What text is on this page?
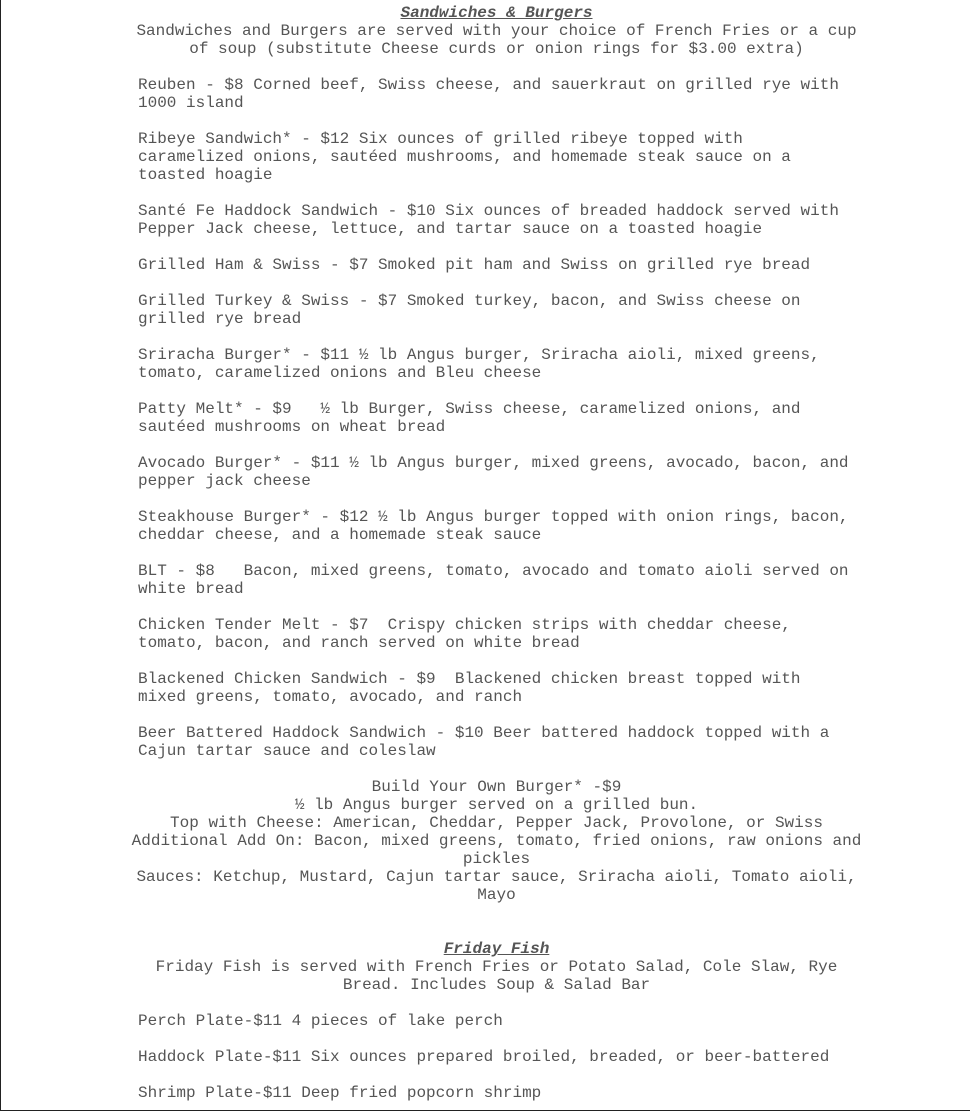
Sandwiches & Burgers
Sandwiches and Burgers are served with your choice of French Fries or a cup of soup (substitute Cheese curds or onion rings for $3.00 extra)
Reuben - $8 Corned beef, Swiss cheese, and sauerkraut on grilled rye with 1000 island
Ribeye Sandwich* - $12 Six ounces of grilled ribeye topped with caramelized onions, sautéed mushrooms, and homemade steak sauce on a toasted hoagie
Santé Fe Haddock Sandwich - $10 Six ounces of breaded haddock served with Pepper Jack cheese, lettuce, and tartar sauce on a toasted hoagie
Grilled Ham & Swiss - $7 Smoked pit ham and Swiss on grilled rye bread
Grilled Turkey & Swiss - $7 Smoked turkey, bacon, and Swiss cheese on grilled rye bread
Sriracha Burger* - $11 ½ lb Angus burger, Sriracha aioli, mixed greens, tomato, caramelized onions and Bleu cheese
Patty Melt* - $9   ½ lb Burger, Swiss cheese, caramelized onions, and sautéed mushrooms on wheat bread
Avocado Burger* - $11 ½ lb Angus burger, mixed greens, avocado, bacon, and pepper jack cheese
Steakhouse Burger* - $12 ½ lb Angus burger topped with onion rings, bacon, cheddar cheese, and a homemade steak sauce
BLT - $8   Bacon, mixed greens, tomato, avocado and tomato aioli served on white bread
Chicken Tender Melt - $7  Crispy chicken strips with cheddar cheese, tomato, bacon, and ranch served on white bread
Blackened Chicken Sandwich - $9  Blackened chicken breast topped with mixed greens, tomato, avocado, and ranch
Beer Battered Haddock Sandwich - $10 Beer battered haddock topped with a Cajun tartar sauce and coleslaw
Build Your Own Burger* -$9
½ lb Angus burger served on a grilled bun.
Top with Cheese: American, Cheddar, Pepper Jack, Provolone, or Swiss
Additional Add On: Bacon, mixed greens, tomato, fried onions, raw onions and pickles
Sauces: Ketchup, Mustard, Cajun tartar sauce, Sriracha aioli, Tomato aioli, Mayo
Friday Fish
Friday Fish is served with French Fries or Potato Salad, Cole Slaw, Rye Bread. Includes Soup & Salad Bar
Perch Plate-$11 4 pieces of lake perch
Haddock Plate-$11 Six ounces prepared broiled, breaded, or beer-battered
Shrimp Plate-$11 Deep fried popcorn shrimp
